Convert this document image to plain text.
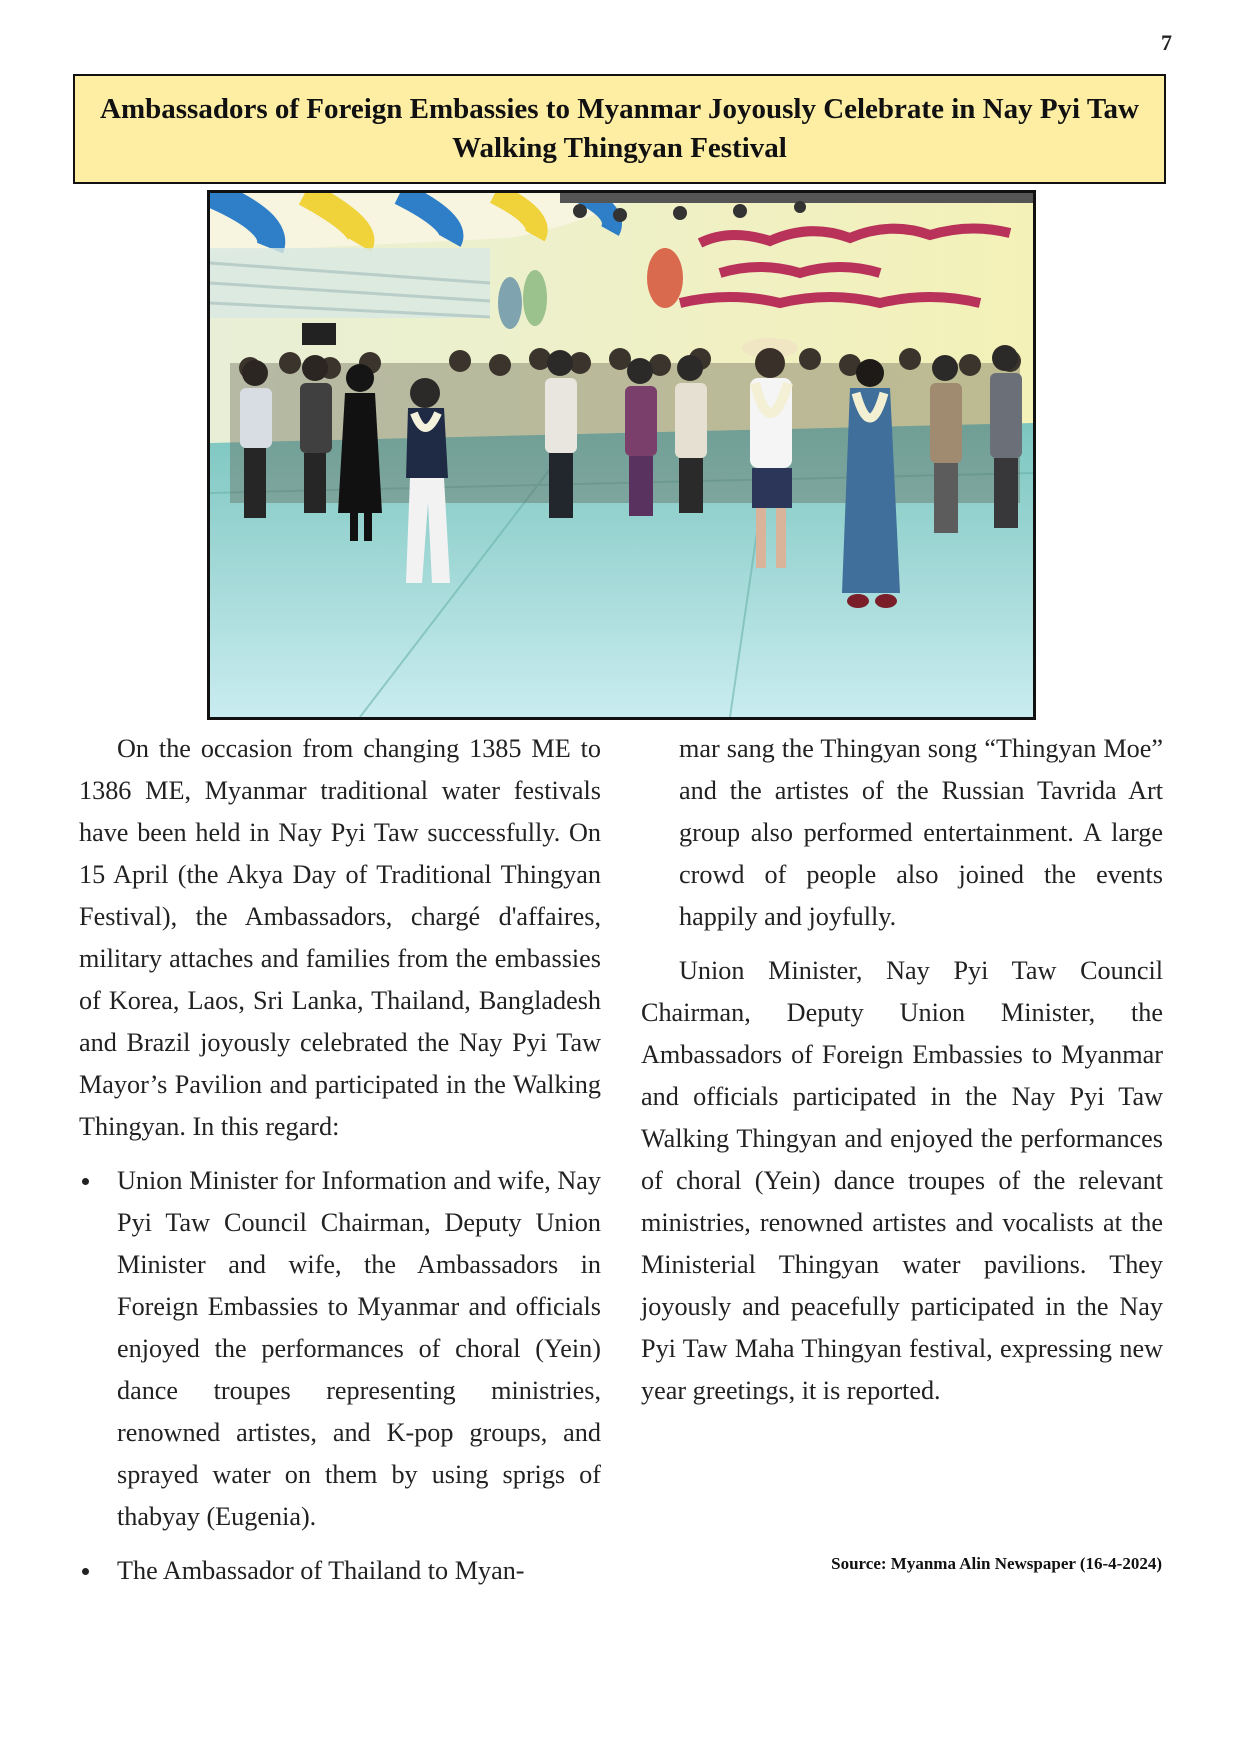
7
Ambassadors of Foreign Embassies to Myanmar Joyously Celebrate in Nay Pyi Taw Walking Thingyan Festival

On the occasion from changing 1385 ME to 1386 ME, Myanmar traditional water festivals have been held in Nay Pyi Taw successfully. On 15 April (the Akya Day of Traditional Thingyan Festival), the Ambassadors, chargé d'affaires, military attaches and families from the embassies of Korea, Laos, Sri Lanka, Thailand, Bangladesh and Brazil joyously celebrated the Nay Pyi Taw Mayor’s Pavilion and participated in the Walking Thingyan. In this regard:

Union Minister for Information and wife, Nay Pyi Taw Council Chairman, Deputy Union Minister and wife, the Ambassadors in Foreign Embassies to Myanmar and officials enjoyed the performances of choral (Yein) dance troupes representing ministries, renowned artistes, and K-pop groups, and sprayed water on them by using sprigs of thabyay (Eugenia).
The Ambassador of Thailand to Myan-

mar sang the Thingyan song “Thingyan Moe” and the artistes of the Russian Tavrida Art group also performed entertainment. A large crowd of people also joined the events happily and joyfully.

Union Minister, Nay Pyi Taw Council Chairman, Deputy Union Minister, the Ambassadors of Foreign Embassies to Myanmar and officials participated in the Nay Pyi Taw Walking Thingyan and enjoyed the performances of choral (Yein) dance troupes of the relevant ministries, renowned artistes and vocalists at the Ministerial Thingyan water pavilions. They joyously and peacefully participated in the Nay Pyi Taw Maha Thingyan festival, expressing new year greetings, it is reported.

Source: Myanma Alin Newspaper (16-4-2024)
